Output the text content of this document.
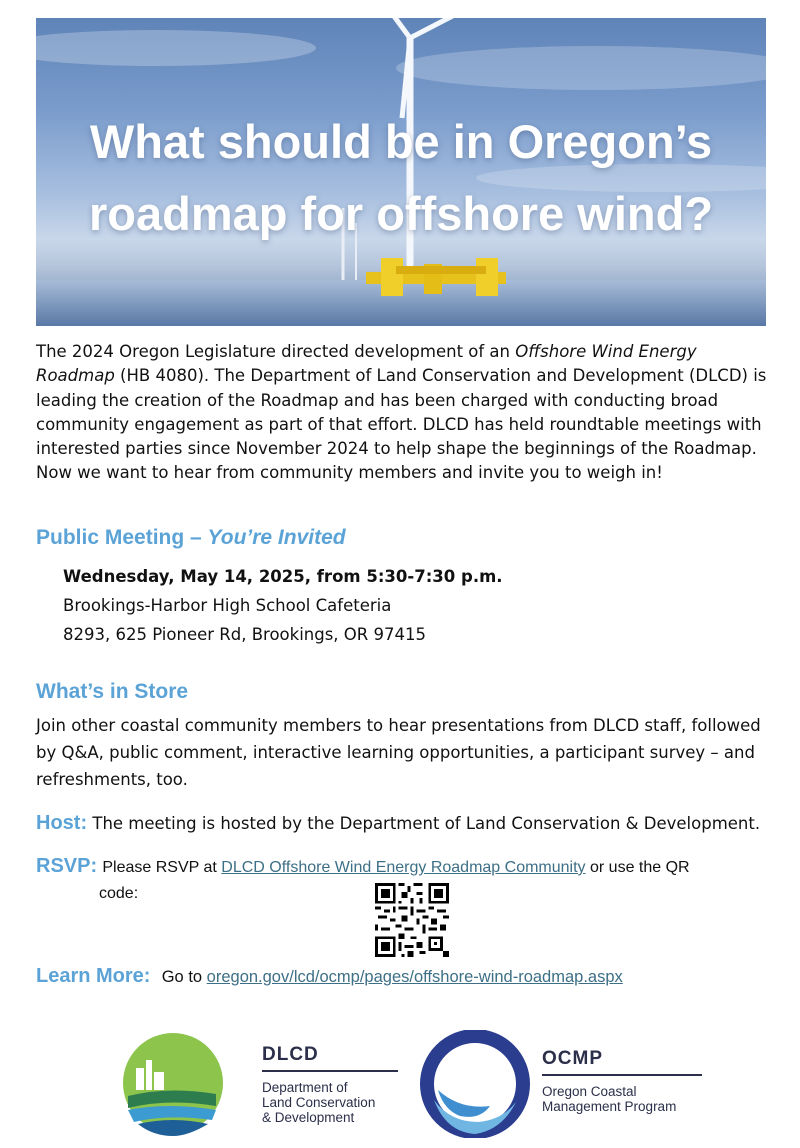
What should be in Oregon’s
roadmap for offshore wind?
The 2024 Oregon Legislature directed development of an Offshore Wind Energy Roadmap (HB 4080). The Department of Land Conservation and Development (DLCD) is leading the creation of the Roadmap and has been charged with conducting broad community engagement as part of that effort. DLCD has held roundtable meetings with interested parties since November 2024 to help shape the beginnings of the Roadmap. Now we want to hear from community members and invite you to weigh in!
Public Meeting – You’re Invited
Wednesday, May 14, 2025, from 5:30-7:30 p.m.
Brookings-Harbor High School Cafeteria
8293, 625 Pioneer Rd, Brookings, OR 97415
What’s in Store
Join other coastal community members to hear presentations from DLCD staff, followed by Q&A, public comment, interactive learning opportunities, a participant survey – and refreshments, too.
Host: The meeting is hosted by the Department of Land Conservation & Development.
RSVP: Please RSVP at DLCD Offshore Wind Energy Roadmap Community or use the QR
code:
Learn More: Go to oregon.gov/lcd/ocmp/pages/offshore-wind-roadmap.aspx
DLCD
Department of
Land Conservation
& Development
OCMP
Oregon Coastal
Management Program
